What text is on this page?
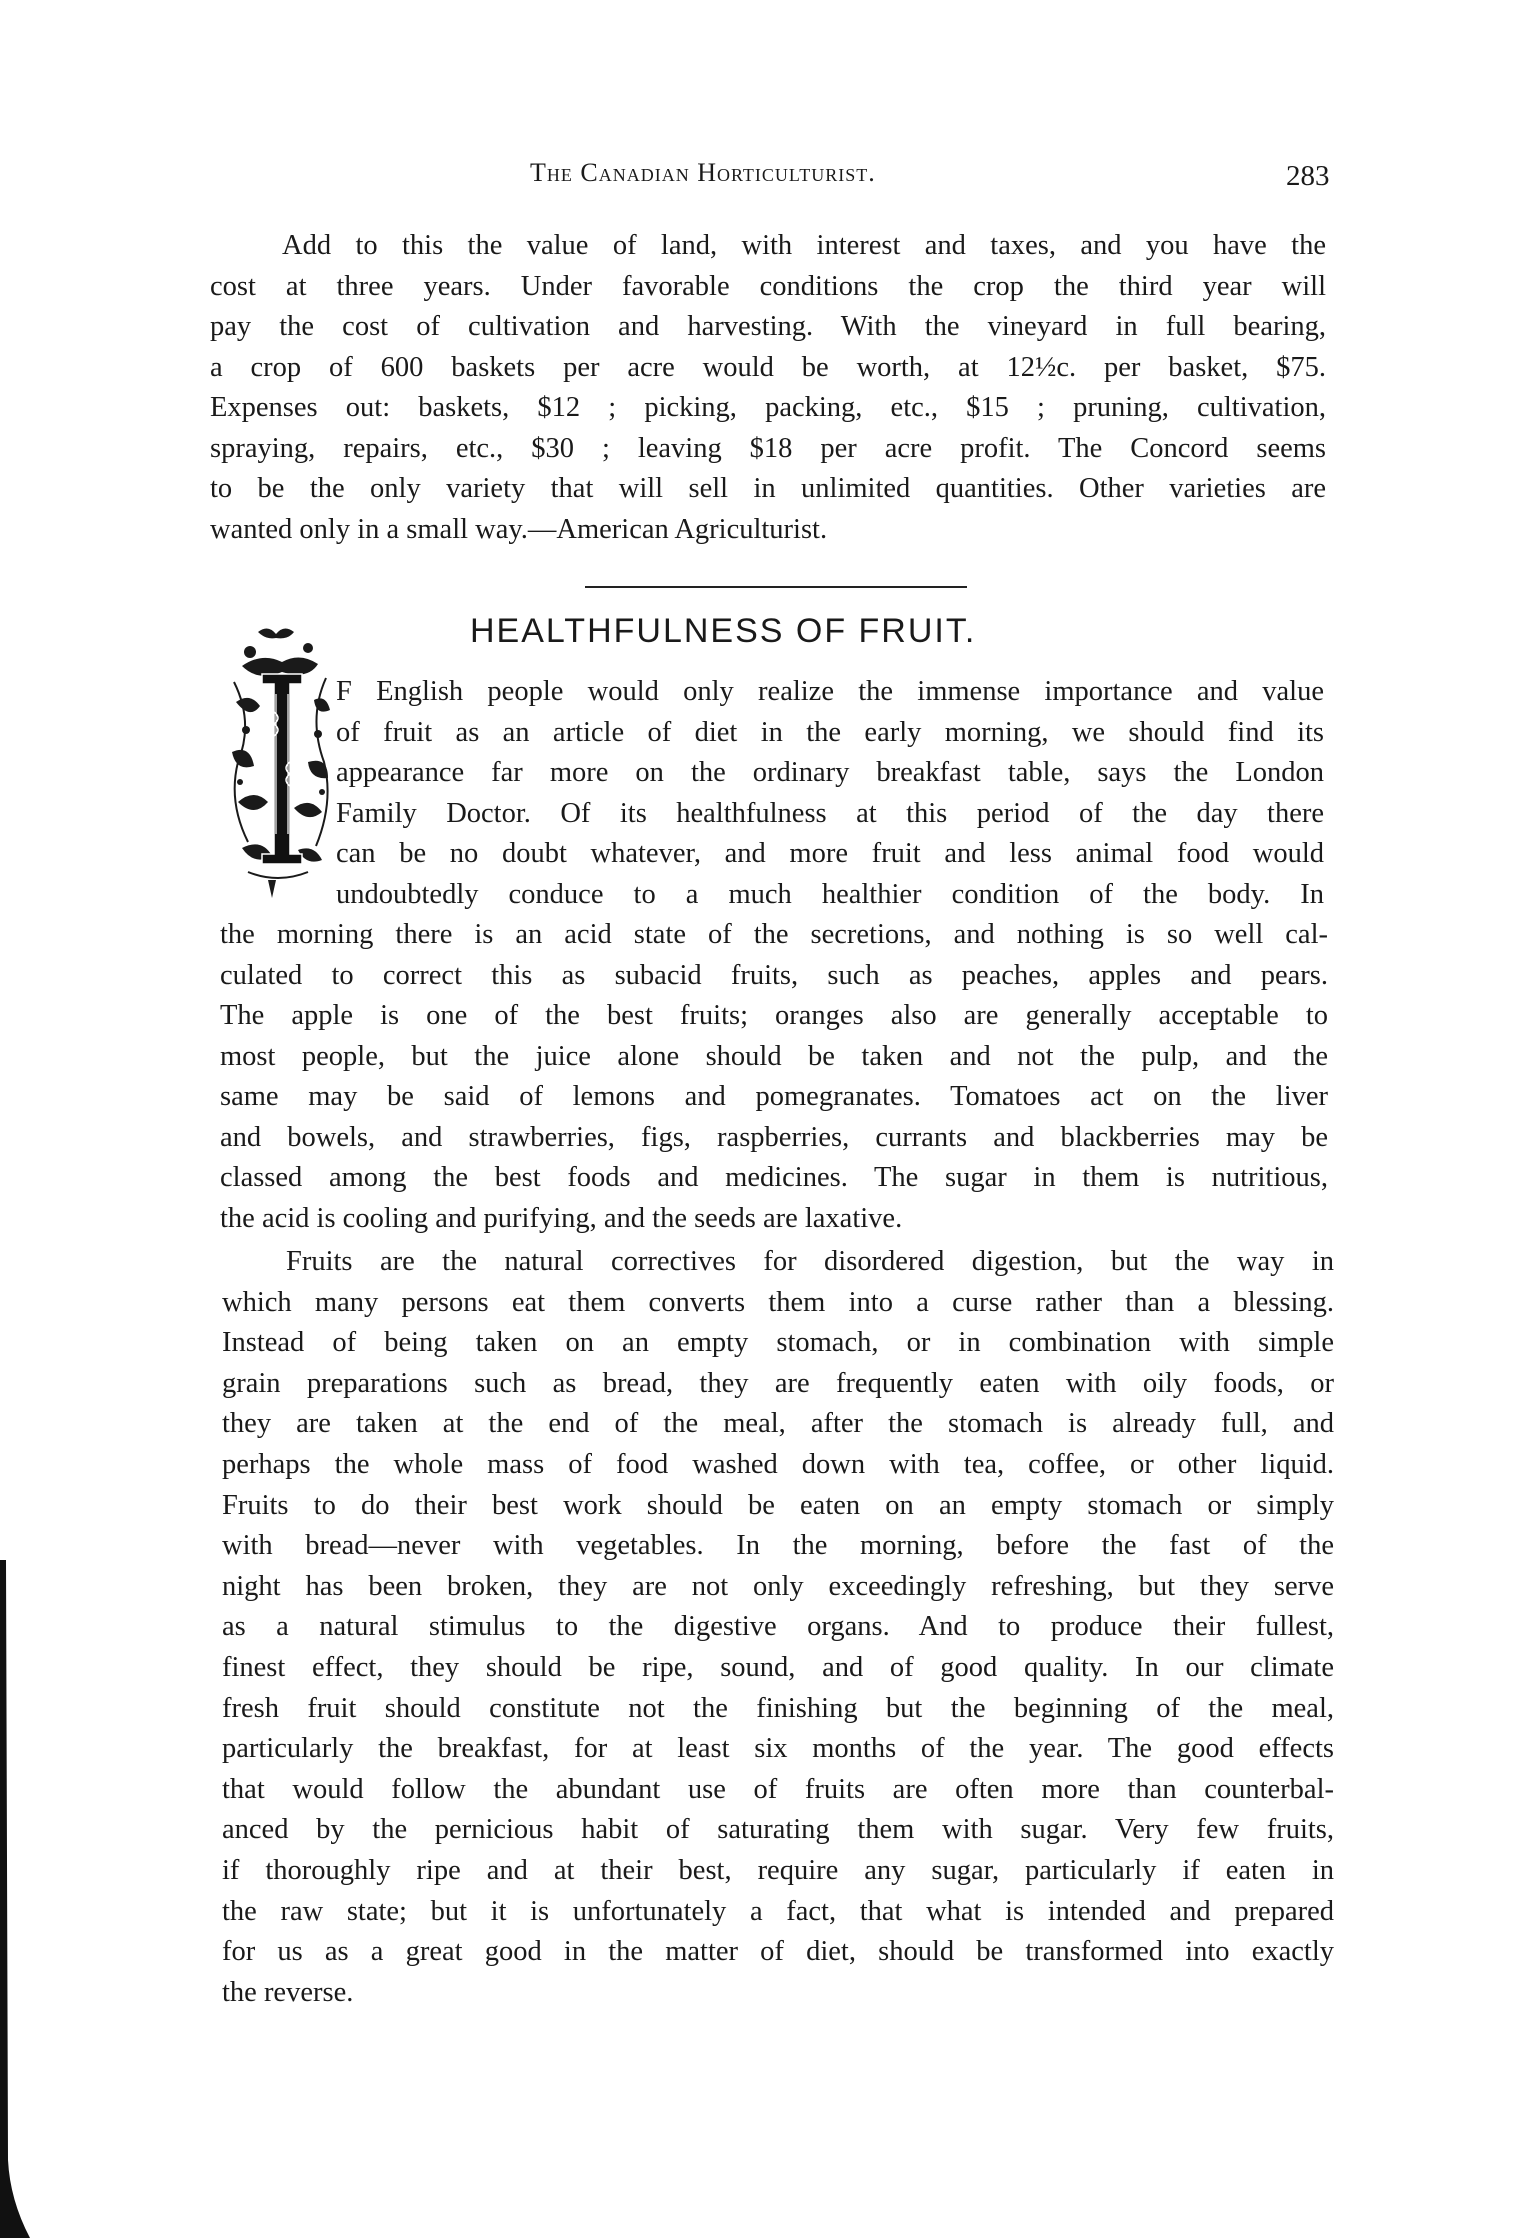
The Canadian Horticulturist.	283
Add to this the value of land, with interest and taxes, and you have the
cost at three years. Under favorable conditions the crop the third year will
pay the cost of cultivation and harvesting. With the vineyard in full bearing,
a crop of 600 baskets per acre would be worth, at 12½c. per basket, $75.
Expenses out: baskets, $12 ; picking, packing, etc., $15 ; pruning, cultivation,
spraying, repairs, etc., $30 ; leaving $18 per acre profit. The Concord seems
to be the only variety that will sell in unlimited quantities. Other varieties are
wanted only in a small way.—American Agriculturist.
HEALTHFULNESS OF FRUIT.
F English people would only realize the immense importance and value
of fruit as an article of diet in the early morning, we should find its
appearance far more on the ordinary breakfast table, says the London
Family Doctor. Of its healthfulness at this period of the day there
can be no doubt whatever, and more fruit and less animal food would
undoubtedly conduce to a much healthier condition of the body. In
the morning there is an acid state of the secretions, and nothing is so well cal-
culated to correct this as subacid fruits, such as peaches, apples and pears.
The apple is one of the best fruits; oranges also are generally acceptable to
most people, but the juice alone should be taken and not the pulp, and the
same may be said of lemons and pomegranates. Tomatoes act on the liver
and bowels, and strawberries, figs, raspberries, currants and blackberries may be
classed among the best foods and medicines. The sugar in them is nutritious,
the acid is cooling and purifying, and the seeds are laxative.
Fruits are the natural correctives for disordered digestion, but the way in
which many persons eat them converts them into a curse rather than a blessing.
Instead of being taken on an empty stomach, or in combination with simple
grain preparations such as bread, they are frequently eaten with oily foods, or
they are taken at the end of the meal, after the stomach is already full, and
perhaps the whole mass of food washed down with tea, coffee, or other liquid.
Fruits to do their best work should be eaten on an empty stomach or simply
with bread—never with vegetables. In the morning, before the fast of the
night has been broken, they are not only exceedingly refreshing, but they serve
as a natural stimulus to the digestive organs. And to produce their fullest,
finest effect, they should be ripe, sound, and of good quality. In our climate
fresh fruit should constitute not the finishing but the beginning of the meal,
particularly the breakfast, for at least six months of the year. The good effects
that would follow the abundant use of fruits are often more than counterbal-
anced by the pernicious habit of saturating them with sugar. Very few fruits,
if thoroughly ripe and at their best, require any sugar, particularly if eaten in
the raw state; but it is unfortunately a fact, that what is intended and prepared
for us as a great good in the matter of diet, should be transformed into exactly
the reverse.
